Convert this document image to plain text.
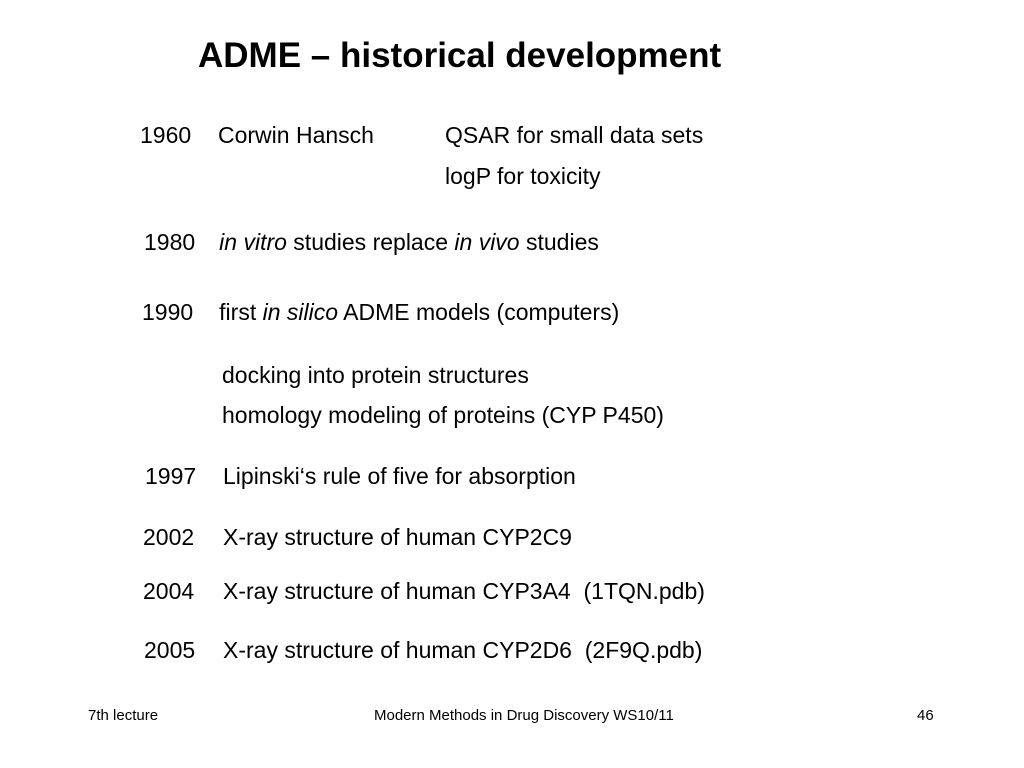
ADME – historical development
1960 Corwin Hansch	QSAR for small data sets
logP for toxicity
1980 in vitro studies replace in vivo studies
1990 first in silico ADME models (computers)
docking into protein structures
homology modeling of proteins (CYP P450)
1997 Lipinski‘s rule of five for absorption
2002 X-ray structure of human CYP2C9
2004 X-ray structure of human CYP3A4  (1TQN.pdb)
2005 X-ray structure of human CYP2D6  (2F9Q.pdb)
7th lecture	Modern Methods in Drug Discovery WS10/11	46
